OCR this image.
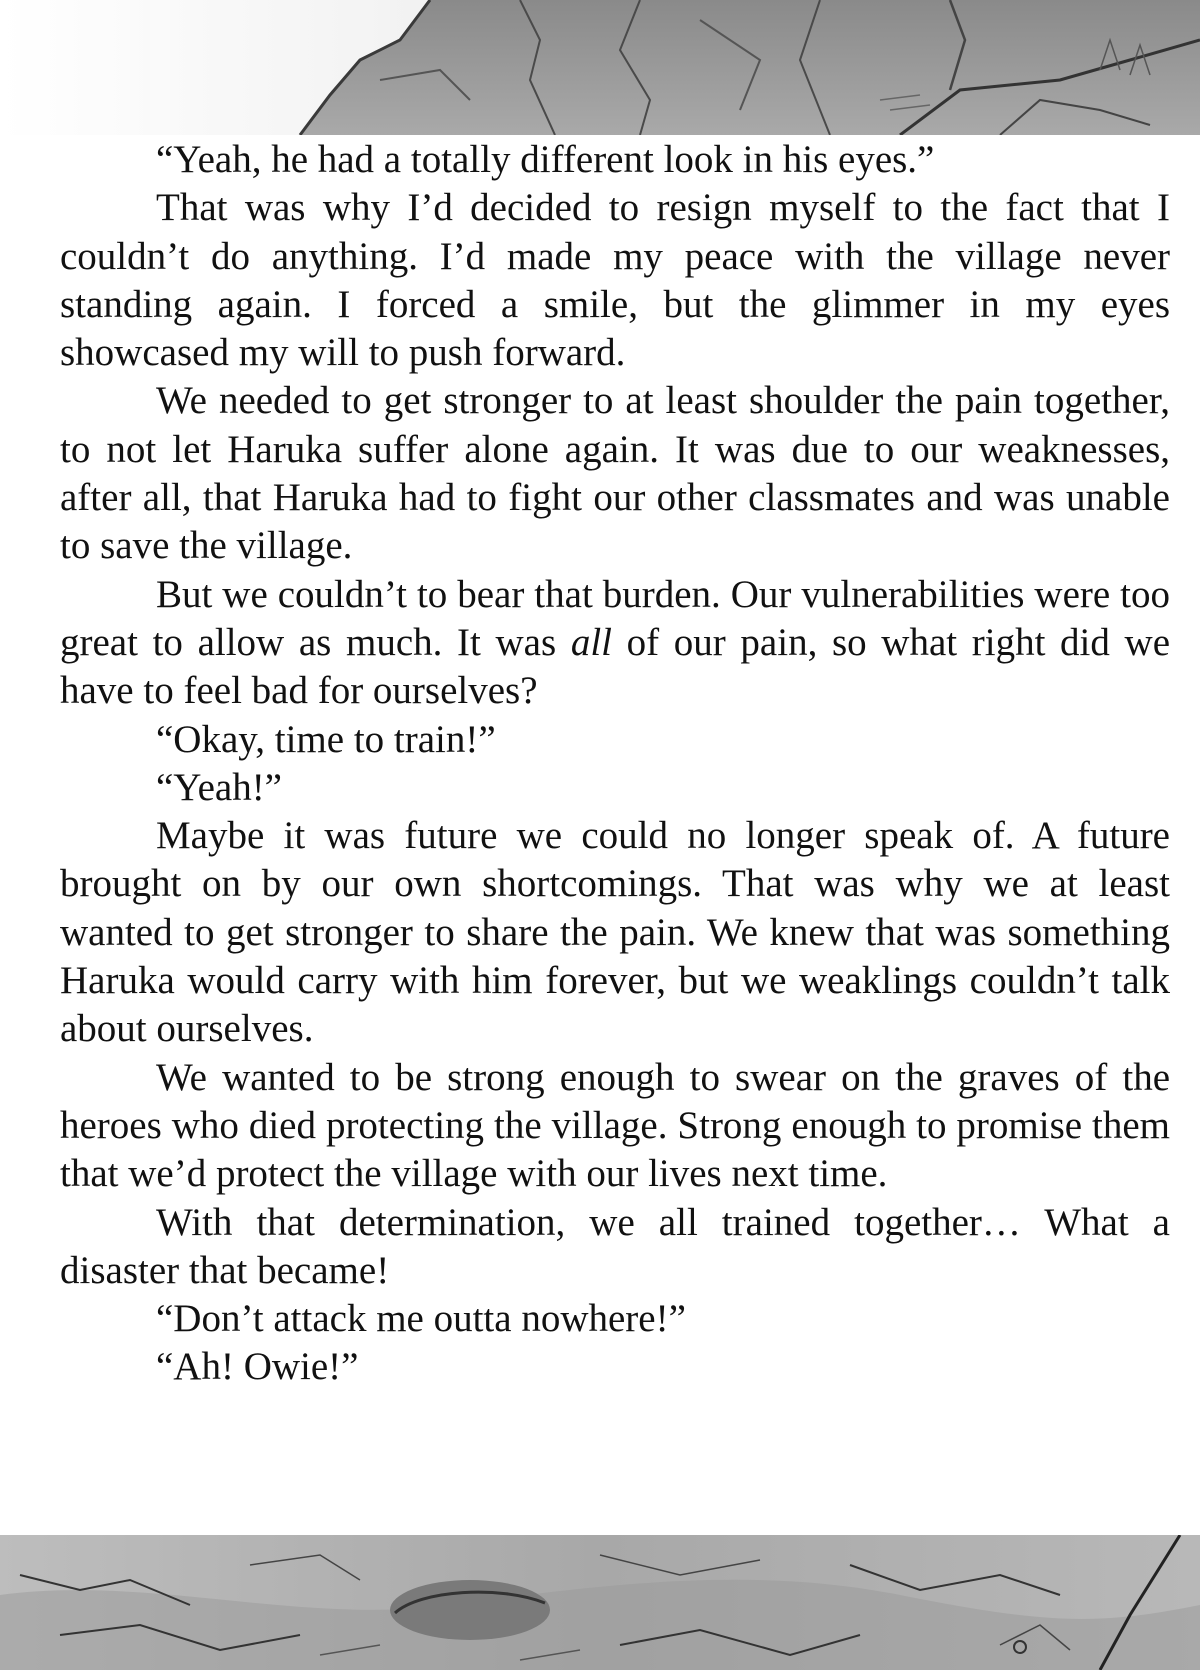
“Yeah, he had a totally different look in his eyes.”

That was why I’d decided to resign myself to the fact that I couldn’t do anything. I’d made my peace with the village never standing again. I forced a smile, but the glimmer in my eyes showcased my will to push forward.

We needed to get stronger to at least shoulder the pain together, to not let Haruka suffer alone again. It was due to our weaknesses, after all, that Haruka had to fight our other classmates and was unable to save the village.

But we couldn’t to bear that burden. Our vulnerabilities were too great to allow as much. It was all of our pain, so what right did we have to feel bad for ourselves?

“Okay, time to train!”

“Yeah!”

Maybe it was future we could no longer speak of. A future brought on by our own shortcomings. That was why we at least wanted to get stronger to share the pain. We knew that was something Haruka would carry with him forever, but we weaklings couldn’t talk about ourselves.

We wanted to be strong enough to swear on the graves of the heroes who died protecting the village. Strong enough to promise them that we’d protect the village with our lives next time.

With that determination, we all trained together… What a disaster that became!

“Don’t attack me outta nowhere!”

“Ah! Owie!”
